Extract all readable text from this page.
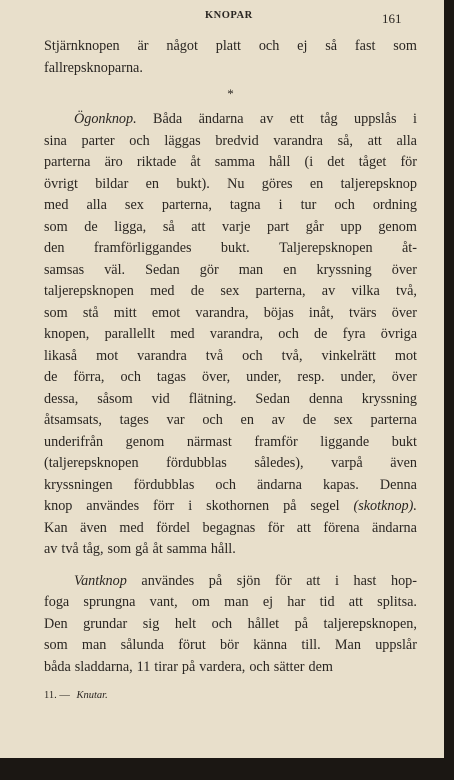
KNOPAR	161
Stjärnknopen är något platt och ej så fast som
fallrepsknoparna.
*
Ögonknop. Båda ändarna av ett tåg uppslås i
sina parter och läggas bredvid varandra så, att alla
parterna äro riktade åt samma håll (i det tåget för
övrigt bildar en bukt). Nu göres en taljerepsknop
med alla sex parterna, tagna i tur och ordning
som de ligga, så att varje part går upp genom
den framförliggandes bukt. Taljerepsknopen åt-
samsas väl. Sedan gör man en kryssning över
taljerepsknopen med de sex parterna, av vilka två,
som stå mitt emot varandra, böjas inåt, tvärs över
knopen, parallellt med varandra, och de fyra övriga
likaså mot varandra två och två, vinkelrätt mot
de förra, och tagas över, under, resp. under, över
dessa, såsom vid flätning. Sedan denna kryssning
åtsamsats, tages var och en av de sex parterna
underifrån genom närmast framför liggande bukt
(taljerepsknopen fördubblas således), varpå även
kryssningen fördubblas och ändarna kapas. Denna
knop användes förr i skothornen på segel (skotknop).
Kan även med fördel begagnas för att förena ändarna
av två tåg, som gå åt samma håll.
Vantknop användes på sjön för att i hast hop-
foga sprungna vant, om man ej har tid att splitsa.
Den grundar sig helt och hållet på taljerepsknopen,
som man sålunda förut bör känna till. Man uppslår
båda sladdarna, 11 tirar på vardera, och sätter dem
11. — Knutar.
